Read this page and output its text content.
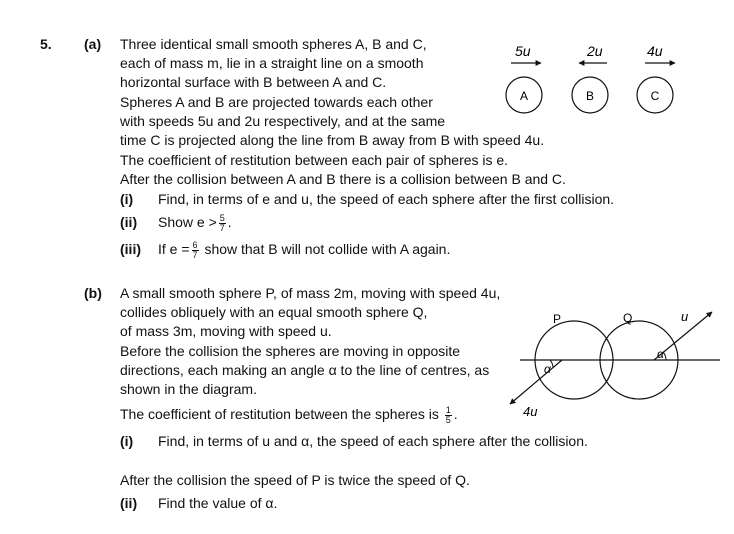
5. (a) Three identical small smooth spheres A, B and C,
each of mass m, lie in a straight line on a smooth
horizontal surface with B between A and C.
Spheres A and B are projected towards each other
with speeds 5u and 2u respectively, and at the same
time C is projected along the line from B away from B with speed 4u.
The coefficient of restitution between each pair of spheres is e.
After the collision between A and B there is a collision between B and C.
(i) Find, in terms of e and u, the speed of each sphere after the first collision.
(ii) Show $e > \frac{5}{7}$ .
(iii) If $e = \frac{6}{7}$ show that B will not collide with A again.
5u	2u	4u
A	B	C
(b) A small smooth sphere P, of mass 2m, moving with speed 4u,
collides obliquely with an equal smooth sphere Q,
of mass 3m, moving with speed u.
Before the collision the spheres are moving in opposite
directions, each making an angle α to the line of centres, as
shown in the diagram.
The coefficient of restitution between the spheres is $\frac{1}{5}$ .
(i) Find, in terms of u and α, the speed of each sphere after the collision.
After the collision the speed of P is twice the speed of Q.
(ii) Find the value of α.
P	Q
α
4u
α
u
